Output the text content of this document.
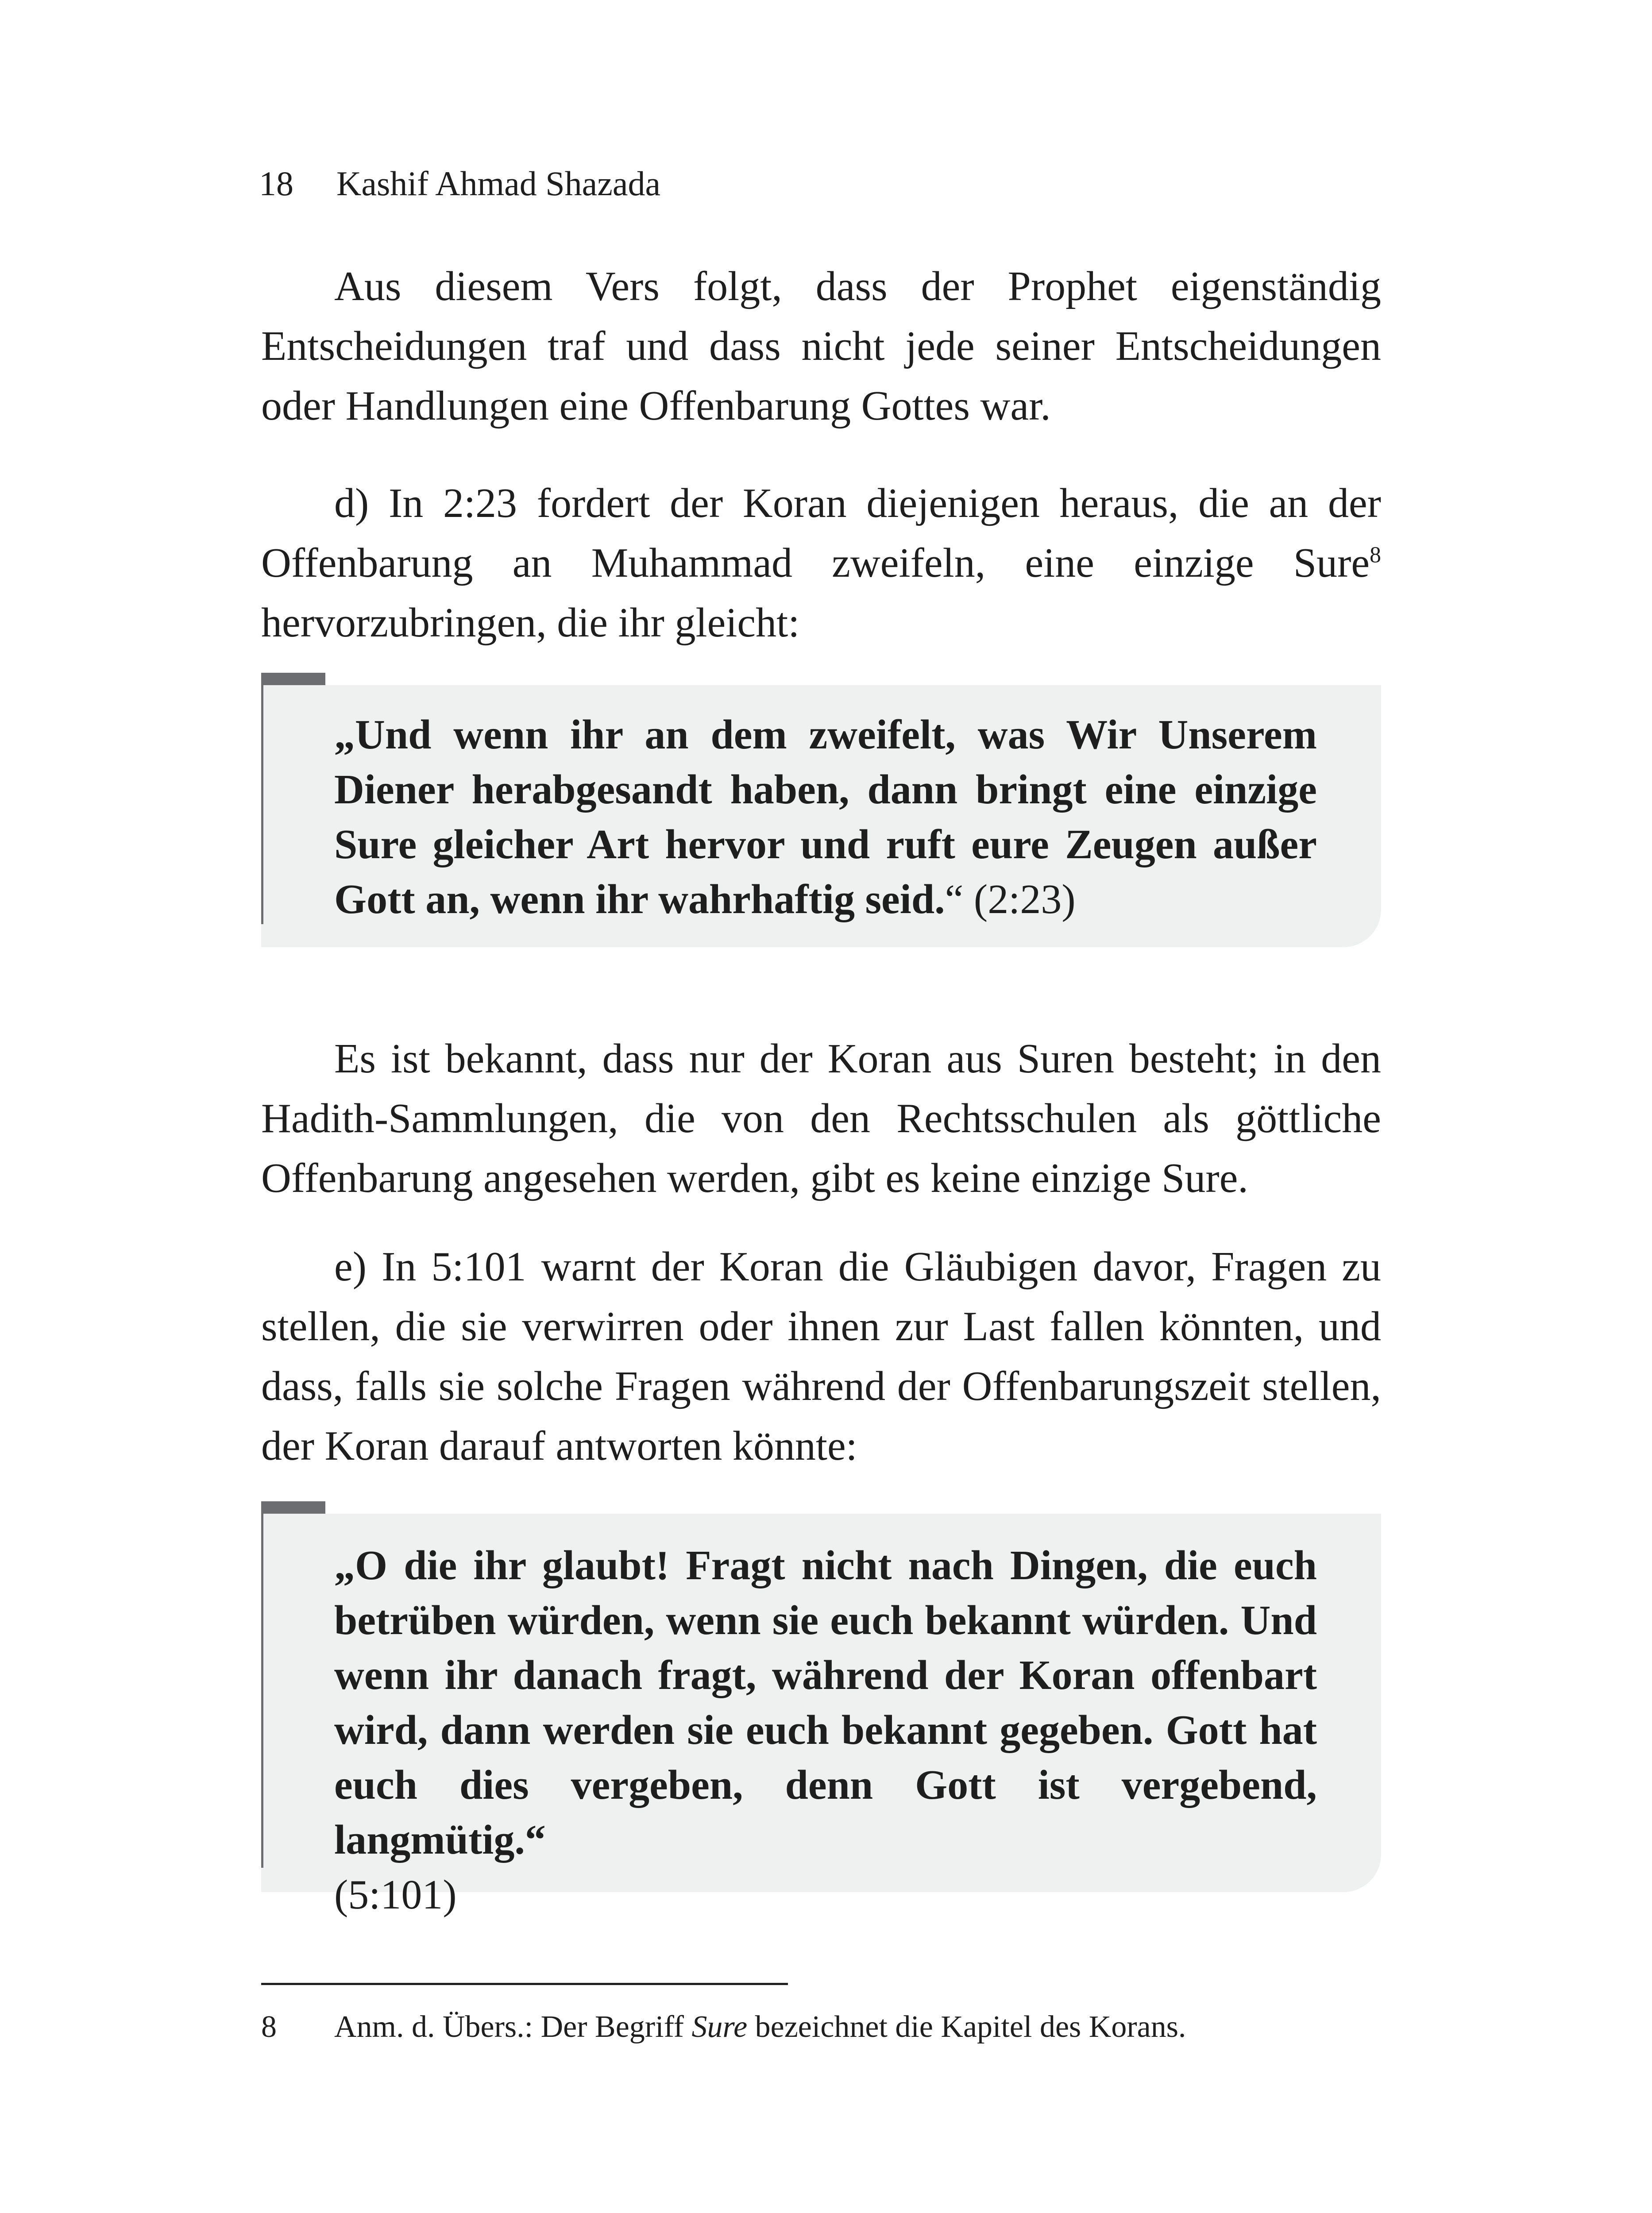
18 Kashif Ahmad Shazada

Aus diesem Vers folgt, dass der Prophet eigenständig Entscheidungen traf und dass nicht jede seiner Entscheidungen oder Handlungen eine Offenbarung Gottes war.

d) In 2:23 fordert der Koran diejenigen heraus, die an der Offenbarung an Muhammad zweifeln, eine einzige Sure$^8$ hervorzubringen, die ihr gleicht:

„Und wenn ihr an dem zweifelt, was Wir Unserem Diener herabgesandt haben, dann bringt eine einzige Sure gleicher Art hervor und ruft eure Zeugen außer Gott an, wenn ihr wahrhaftig seid.“ (2:23)

Es ist bekannt, dass nur der Koran aus Suren besteht; in den Hadith-Sammlungen, die von den Rechtsschulen als göttliche Offenbarung angesehen werden, gibt es keine einzige Sure.

e) In 5:101 warnt der Koran die Gläubigen davor, Fragen zu stellen, die sie verwirren oder ihnen zur Last fallen könnten, und dass, falls sie solche Fragen während der Offenbarungszeit stellen, der Koran darauf antworten könnte:

„O die ihr glaubt! Fragt nicht nach Dingen, die euch betrüben würden, wenn sie euch bekannt würden. Und wenn ihr danach fragt, während der Koran offenbart wird, dann werden sie euch bekannt gegeben. Gott hat euch dies vergeben, denn Gott ist vergebend, langmütig.“
(5:101)

8 Anm. d. Übers.: Der Begriff Sure bezeichnet die Kapitel des Korans.
